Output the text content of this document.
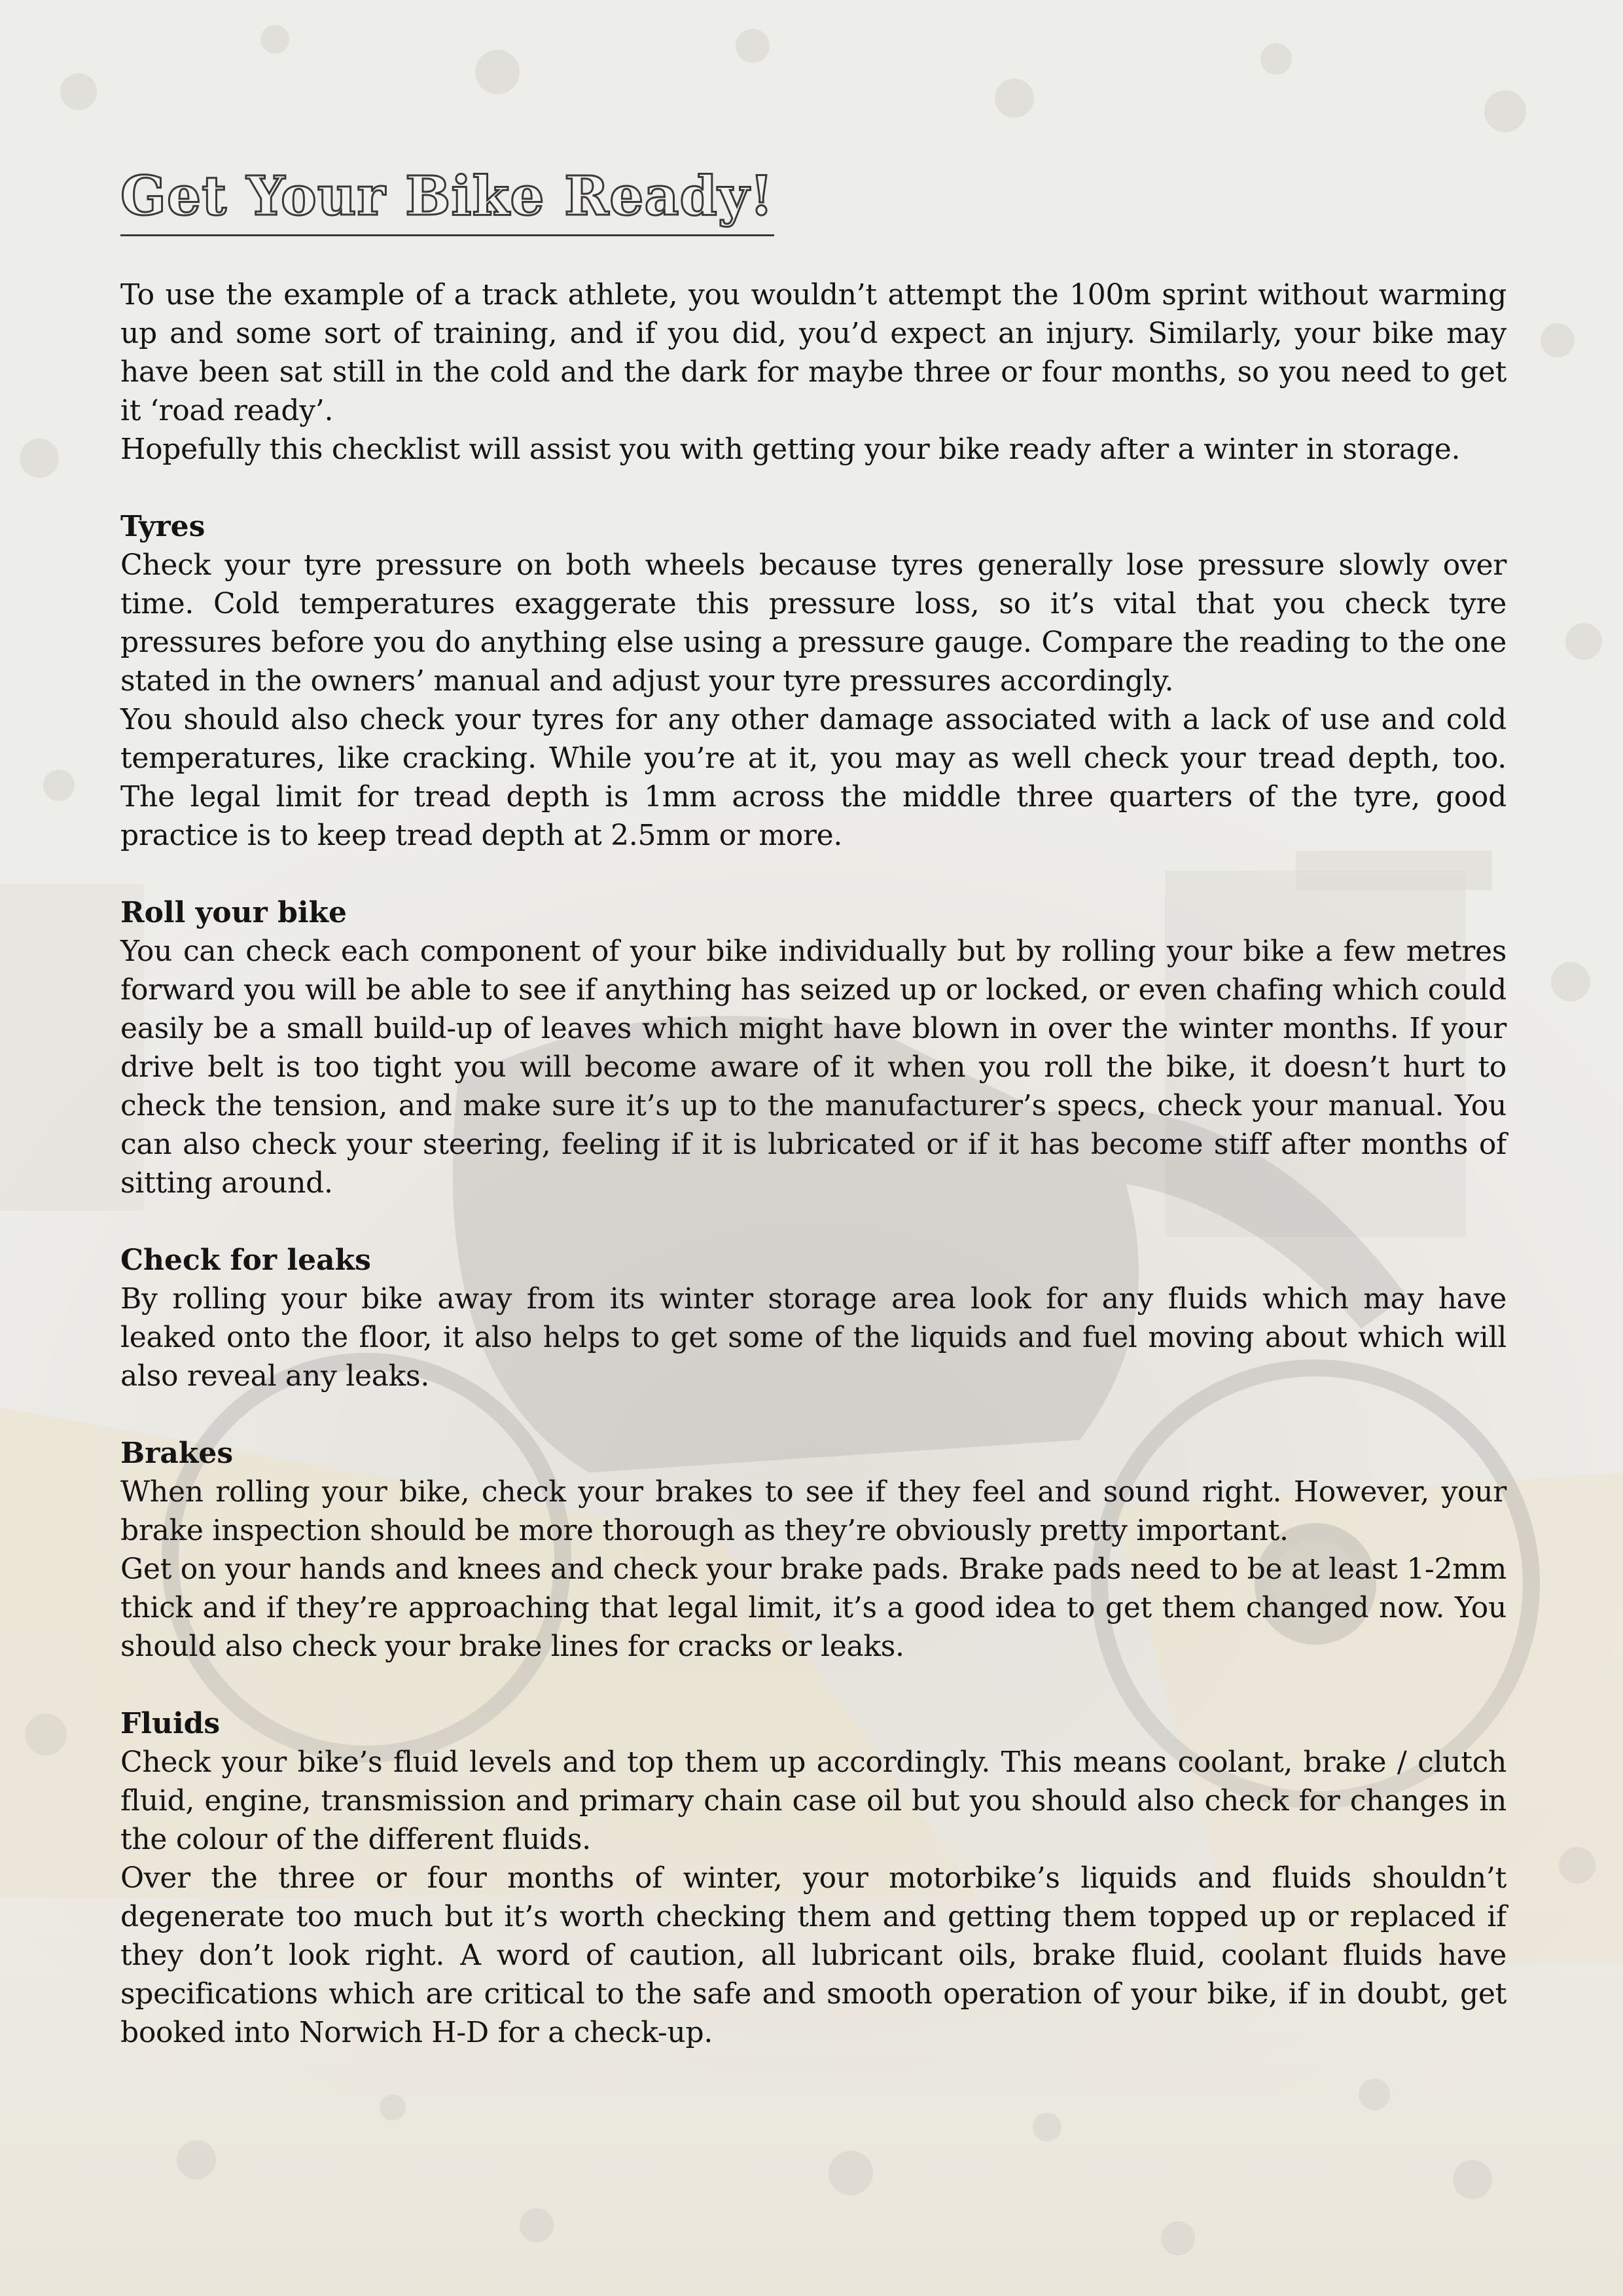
Get Your Bike Ready!

To use the example of a track athlete, you wouldn’t attempt the 100m sprint without warming up and some sort of training, and if you did, you’d expect an injury. Similarly, your bike may have been sat still in the cold and the dark for maybe three or four months, so you need to get it ‘road ready’.

Hopefully this checklist will assist you with getting your bike ready after a winter in storage.

Tyres

Check your tyre pressure on both wheels because tyres generally lose pressure slowly over time. Cold temperatures exaggerate this pressure loss, so it’s vital that you check tyre pressures before you do anything else using a pressure gauge. Compare the reading to the one stated in the owners’ manual and adjust your tyre pressures accordingly.

You should also check your tyres for any other damage associated with a lack of use and cold temperatures, like cracking. While you’re at it, you may as well check your tread depth, too. The legal limit for tread depth is 1mm across the middle three quarters of the tyre, good practice is to keep tread depth at 2.5mm or more.

Roll your bike

You can check each component of your bike individually but by rolling your bike a few metres forward you will be able to see if anything has seized up or locked, or even chafing which could easily be a small build-up of leaves which might have blown in over the winter months. If your drive belt is too tight you will become aware of it when you roll the bike, it doesn’t hurt to check the tension, and make sure it’s up to the manufacturer’s specs, check your manual. You can also check your steering, feeling if it is lubricated or if it has become stiff after months of sitting around.

Check for leaks

By rolling your bike away from its winter storage area look for any fluids which may have leaked onto the floor, it also helps to get some of the liquids and fuel moving about which will also reveal any leaks.

Brakes

When rolling your bike, check your brakes to see if they feel and sound right. However, your brake inspection should be more thorough as they’re obviously pretty important.

Get on your hands and knees and check your brake pads. Brake pads need to be at least 1-2mm thick and if they’re approaching that legal limit, it’s a good idea to get them changed now. You should also check your brake lines for cracks or leaks.

Fluids

Check your bike’s fluid levels and top them up accordingly. This means coolant, brake / clutch fluid, engine, transmission and primary chain case oil but you should also check for changes in the colour of the different fluids.

Over the three or four months of winter, your motorbike’s liquids and fluids shouldn’t degenerate too much but it’s worth checking them and getting them topped up or replaced if they don’t look right. A word of caution, all lubricant oils, brake fluid, coolant fluids have specifications which are critical to the safe and smooth operation of your bike, if in doubt, get booked into Norwich H-D for a check-up.
